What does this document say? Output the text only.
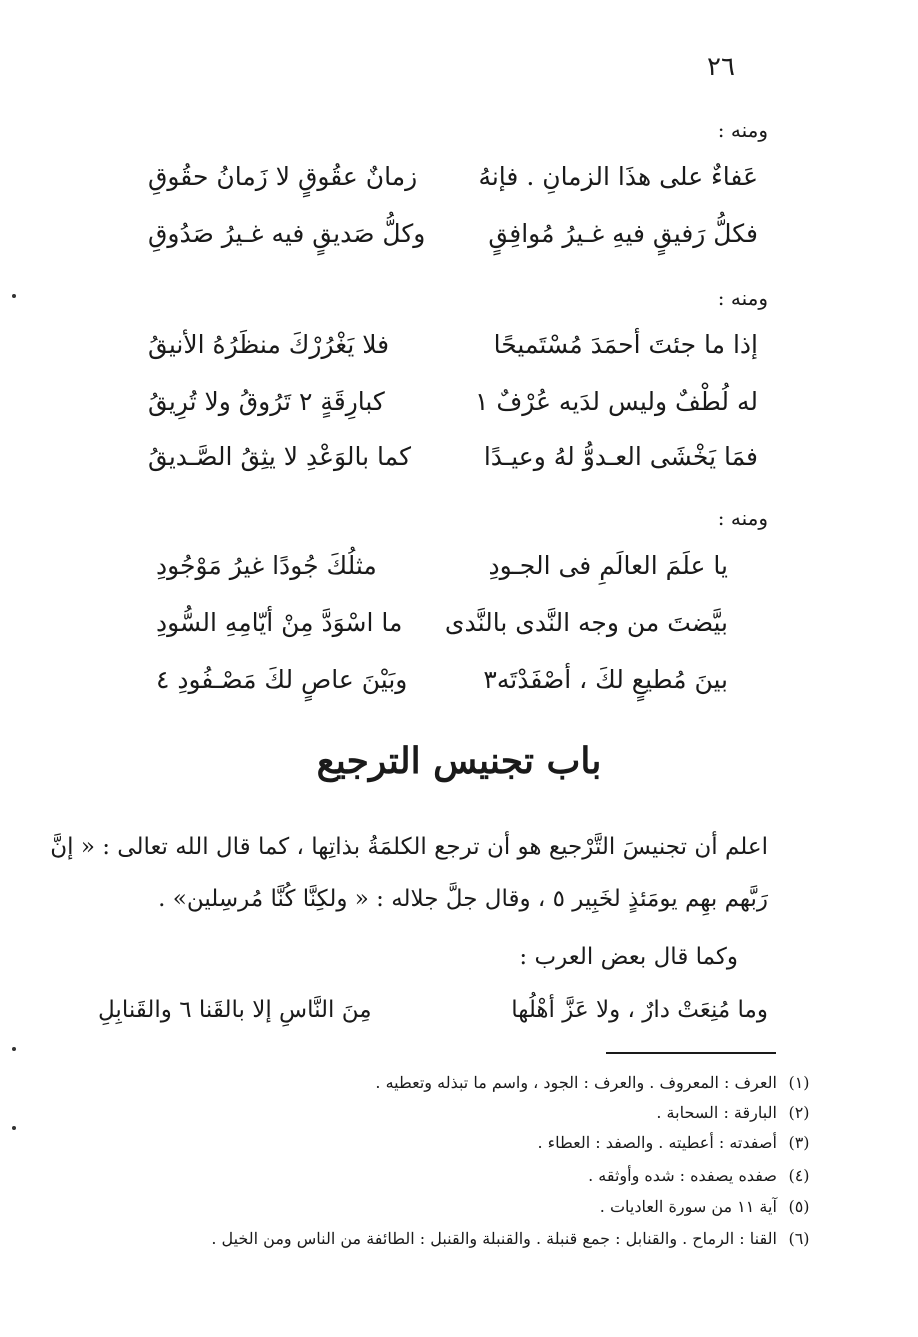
٢٦
ومنه :
عَفاءٌ على هذَا الزمانِ . فإنهُ
زمانٌ عقُوقٍ لا زَمانُ حقُوقِ
فكلُّ رَفيقٍ فيهِ غـيرُ مُوافِقٍ
وكلُّ صَديقٍ فيه غـيرُ صَدُوقِ
ومنه :
إذا ما جئتَ أحمَدَ مُسْتَميحًا
فلا يَغْرُرْكَ منظَرُهُ الأنيقُ
له لُطْفٌ وليس لدَيه عُرْفٌ ١
كبارِقَةٍ ٢ تَرُوقُ ولا تُرِيقُ
فمَا يَخْشَى العـدوُّ لهُ وعيـدًا
كما بالوَعْدِ لا يثِقُ الصَّـديقُ
ومنه :
يا علَمَ العالَمِ فى الجـودِ
مثلُكَ جُودًا غيرُ مَوْجُودِ
بيَّضتَ من وجه النَّدى بالنَّدى
ما اسْوَدَّ مِنْ أيّامِهِ السُّودِ
بينَ مُطيعٍ لكَ ، أصْفَدْتَه٣
وبَيْنَ عاصٍ لكَ مَصْـفُودِ ٤
باب تجنيس الترجيع
اعلم أن تجنيسَ التَّرْجيع هو أن ترجع الكلمَةُ بذاتِها ، كما قال الله تعالى : « إنَّ
رَبَّهم بهِم يومَئذٍ لخَبِير ٥ ، وقال جلَّ جلاله : « ولكِنَّا كُنَّا مُرسِلين» .
وكما قال بعض العرب :
وما مُنِعَتْ دارٌ ، ولا عَزَّ أهْلُها
مِنَ النَّاسِ إلا بالقَنا ٦ والقَنابِلِ
(١) العرف : المعروف . والعرف : الجود ، واسم ما تبذله وتعطيه .
(٢) البارقة : السحابة .
(٣) أصفدته : أعطيته . والصفد : العطاء .
(٤) صفده يصفده : شده وأوثقه .
(٥) آية ١١ من سورة العاديات .
(٦) القنا : الرماح . والقنابل : جمع قنبلة . والقنبلة والقنبل : الطائفة من الناس ومن الخيل .
